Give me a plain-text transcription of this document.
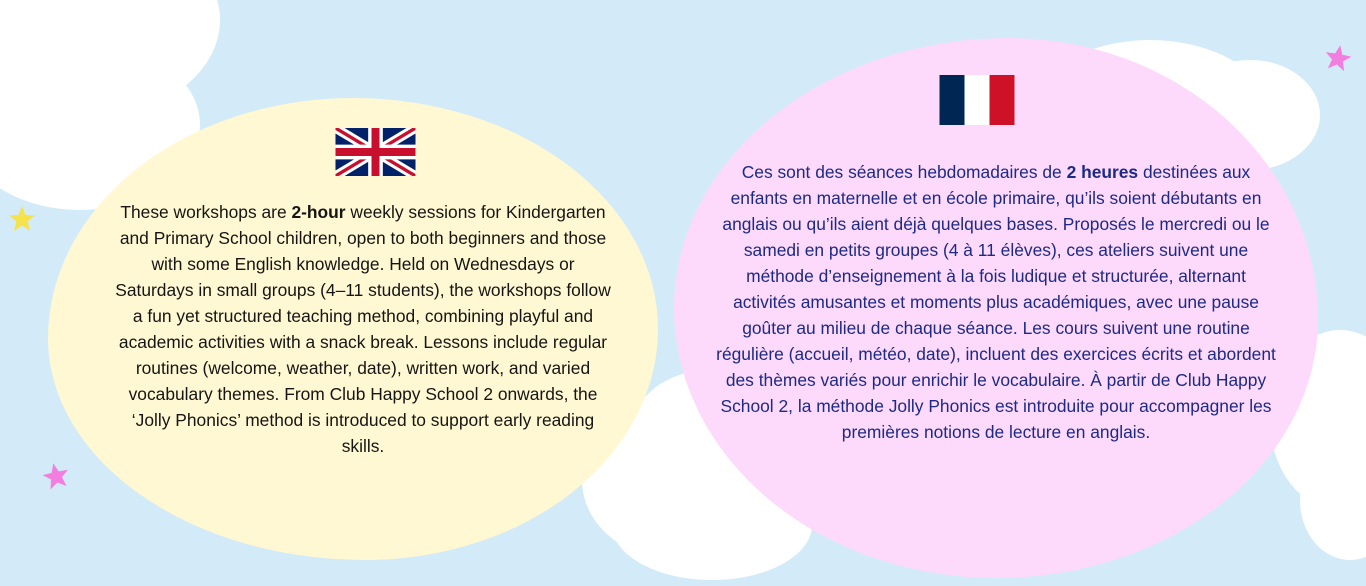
These workshops are 2-hour weekly sessions for Kindergarten and Primary School children, open to both beginners and those with some English knowledge. Held on Wednesdays or Saturdays in small groups (4–11 students), the workshops follow a fun yet structured teaching method, combining playful and academic activities with a snack break. Lessons include regular routines (welcome, weather, date), written work, and varied vocabulary themes. From Club Happy School 2 onwards, the ‘Jolly Phonics’ method is introduced to support early reading skills.

Ces sont des séances hebdomadaires de 2 heures destinées aux enfants en maternelle et en école primaire, qu’ils soient débutants en anglais ou qu’ils aient déjà quelques bases. Proposés le mercredi ou le samedi en petits groupes (4 à 11 élèves), ces ateliers suivent une méthode d’enseignement à la fois ludique et structurée, alternant activités amusantes et moments plus académiques, avec une pause goûter au milieu de chaque séance. Les cours suivent une routine régulière (accueil, météo, date), incluent des exercices écrits et abordent des thèmes variés pour enrichir le vocabulaire. À partir de Club Happy School 2, la méthode Jolly Phonics est introduite pour accompagner les premières notions de lecture en anglais.
